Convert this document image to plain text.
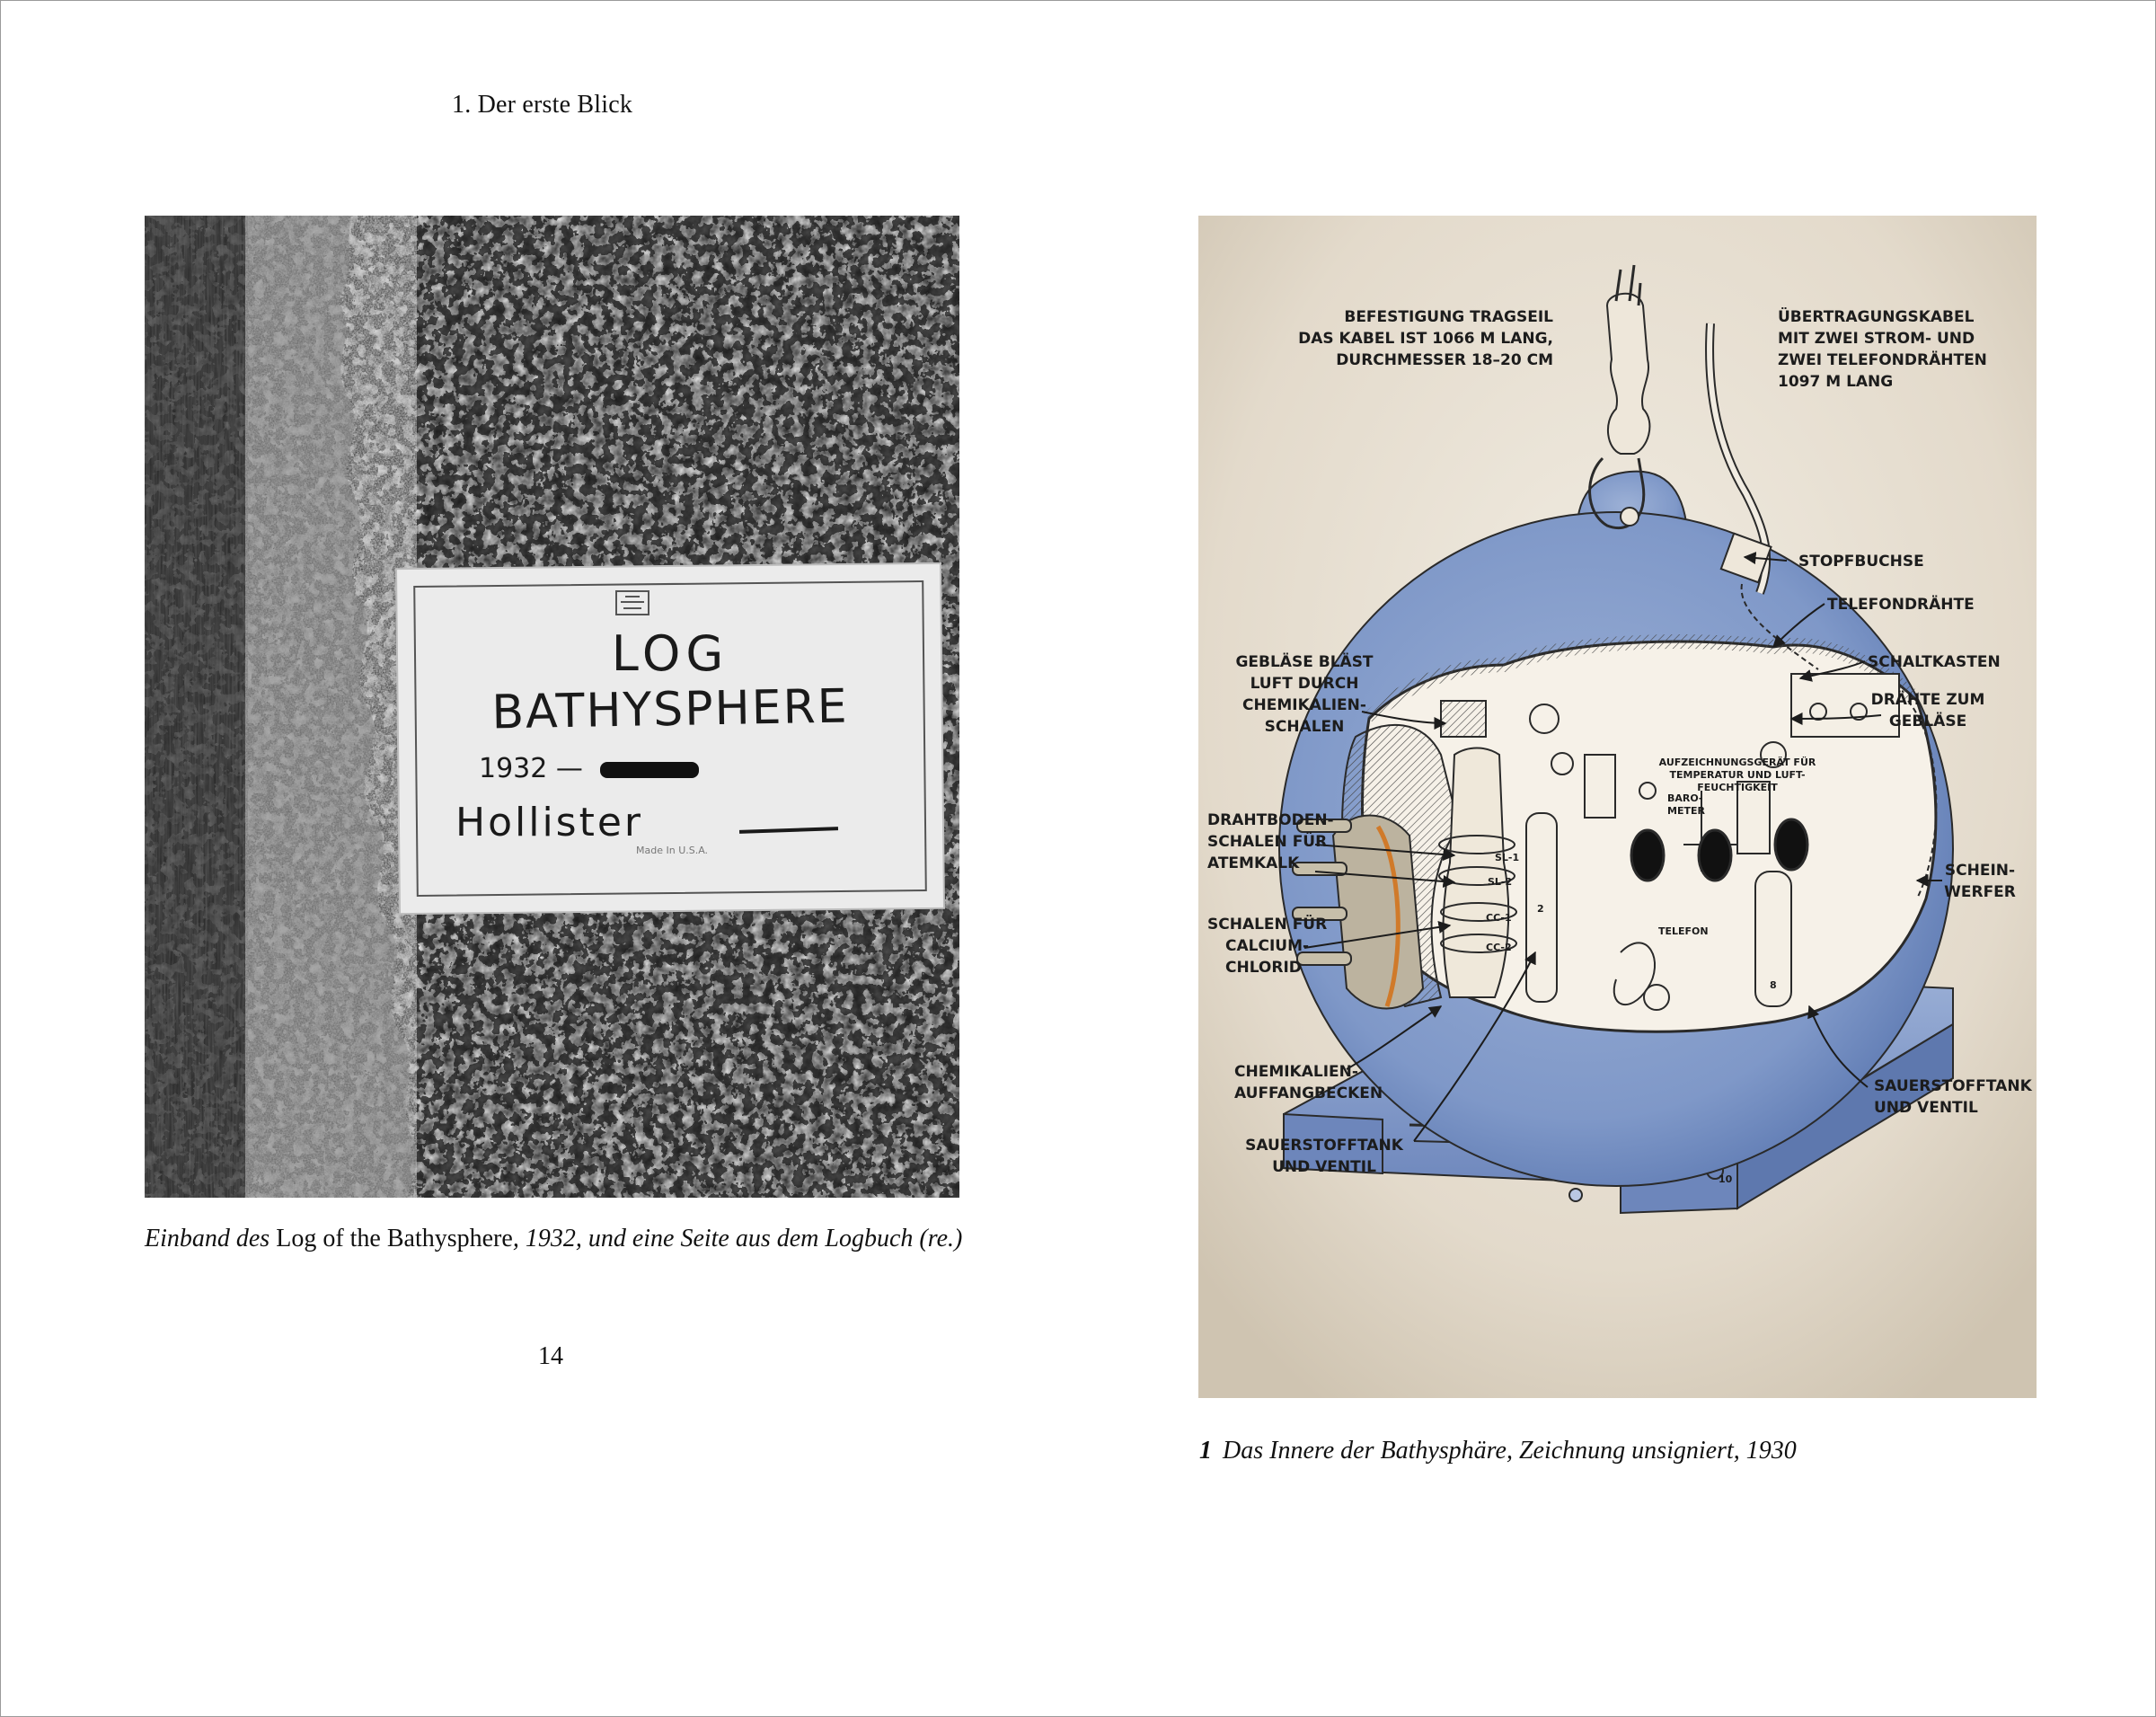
1. Der erste Blick
LOG
BATHYSPHERE
1932 —
Hollister
Made In U.S.A.
Einband des Log of the Bathysphere, 1932, und eine Seite aus dem Logbuch (re.)
SL-1
SL-2
CC-1
CC-2
2
8
10
BEFESTIGUNG TRAGSEIL
DAS KABEL IST 1066 M LANG,
DURCHMESSER 18–20 CM
ÜBERTRAGUNGSKABEL
MIT ZWEI STROM- UND
ZWEI TELEFONDRÄHTEN
1097 M LANG
STOPFBUCHSE
TELEFONDRÄHTE
SCHALTKASTEN
DRÄHTE ZUM
GEBLÄSE
GEBLÄSE BLÄST
LUFT DURCH
CHEMIKALIEN-
SCHALEN
DRAHTBODEN-
SCHALEN FÜR
ATEMKALK
SCHALEN FÜR
CALCIUM-
CHLORID
CHEMIKALIEN-
AUFFANGBECKEN
SAUERSTOFFTANK
UND VENTIL
AUFZEICHNUNGSGERÄT FÜR
TEMPERATUR UND LUFT-
FEUCHTIGKEIT
BARO-
METER
TELEFON
SCHEIN-
WERFER
SAUERSTOFFTANK
UND VENTIL
1 Das Innere der Bathysphäre, Zeichnung unsigniert, 1930
14
